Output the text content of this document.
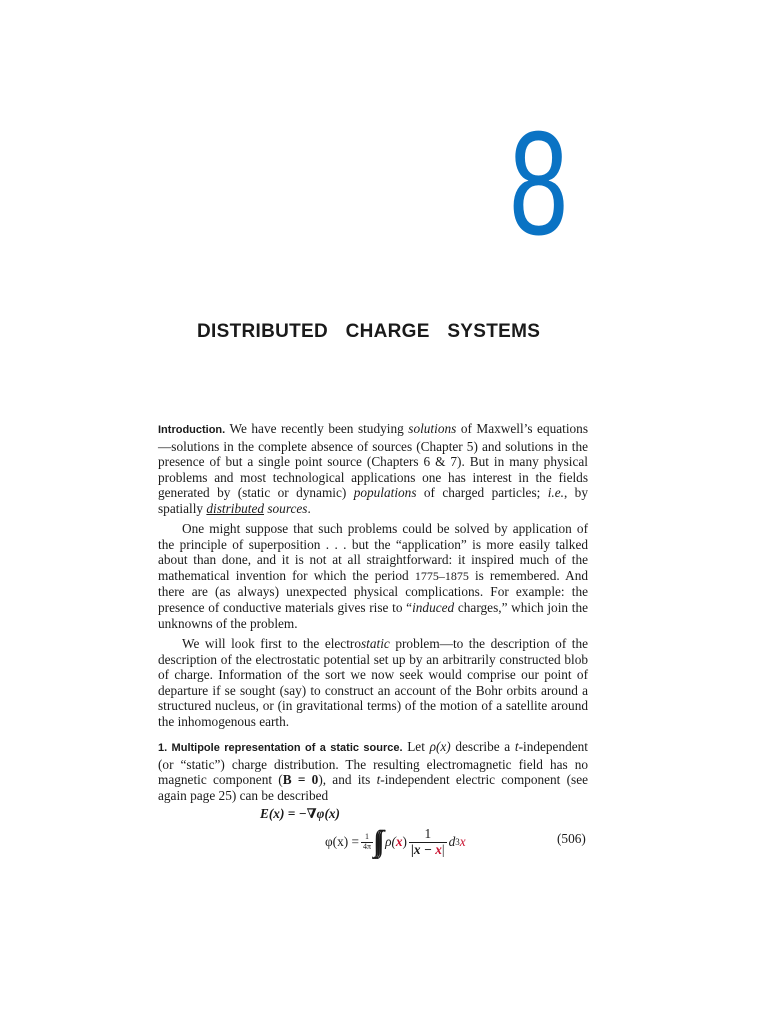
8
DISTRIBUTED CHARGE SYSTEMS

Introduction. We have recently been studying solutions of Maxwell’s equations —solutions in the complete absence of sources (Chapter 5) and solutions in the presence of but a single point source (Chapters 6 & 7). But in many physical problems and most technological applications one has interest in the fields generated by (static or dynamic) populations of charged particles; i.e., by spatially distributed sources.

One might suppose that such problems could be solved by application of the principle of superposition . . . but the “application” is more easily talked about than done, and it is not at all straightforward: it inspired much of the mathematical invention for which the period 1775–1875 is remembered. And there are (as always) unexpected physical complications. For example: the presence of conductive materials gives rise to “induced charges,” which join the unknowns of the problem.

We will look first to the electrostatic problem—to the description of the description of the electrostatic potential set up by an arbitrarily constructed blob of charge. Information of the sort we now seek would comprise our point of departure if se sought (say) to construct an account of the Bohr orbits around a structured nucleus, or (in gravitational terms) of the motion of a satellite around the inhomogenous earth.

1. Multipole representation of a static source. Let ρ(x) describe a t-independent (or “static”) charge distribution. The resulting electromagnetic field has no magnetic component (B = 0), and its t-independent electric component (see again page 25) can be described

E(x) = −∇φ(x)
$\varphi(x) = \frac{1}{4\pi} \rho$( x ) $\frac{1}{|x - x|}$ d 3 x	(506)
